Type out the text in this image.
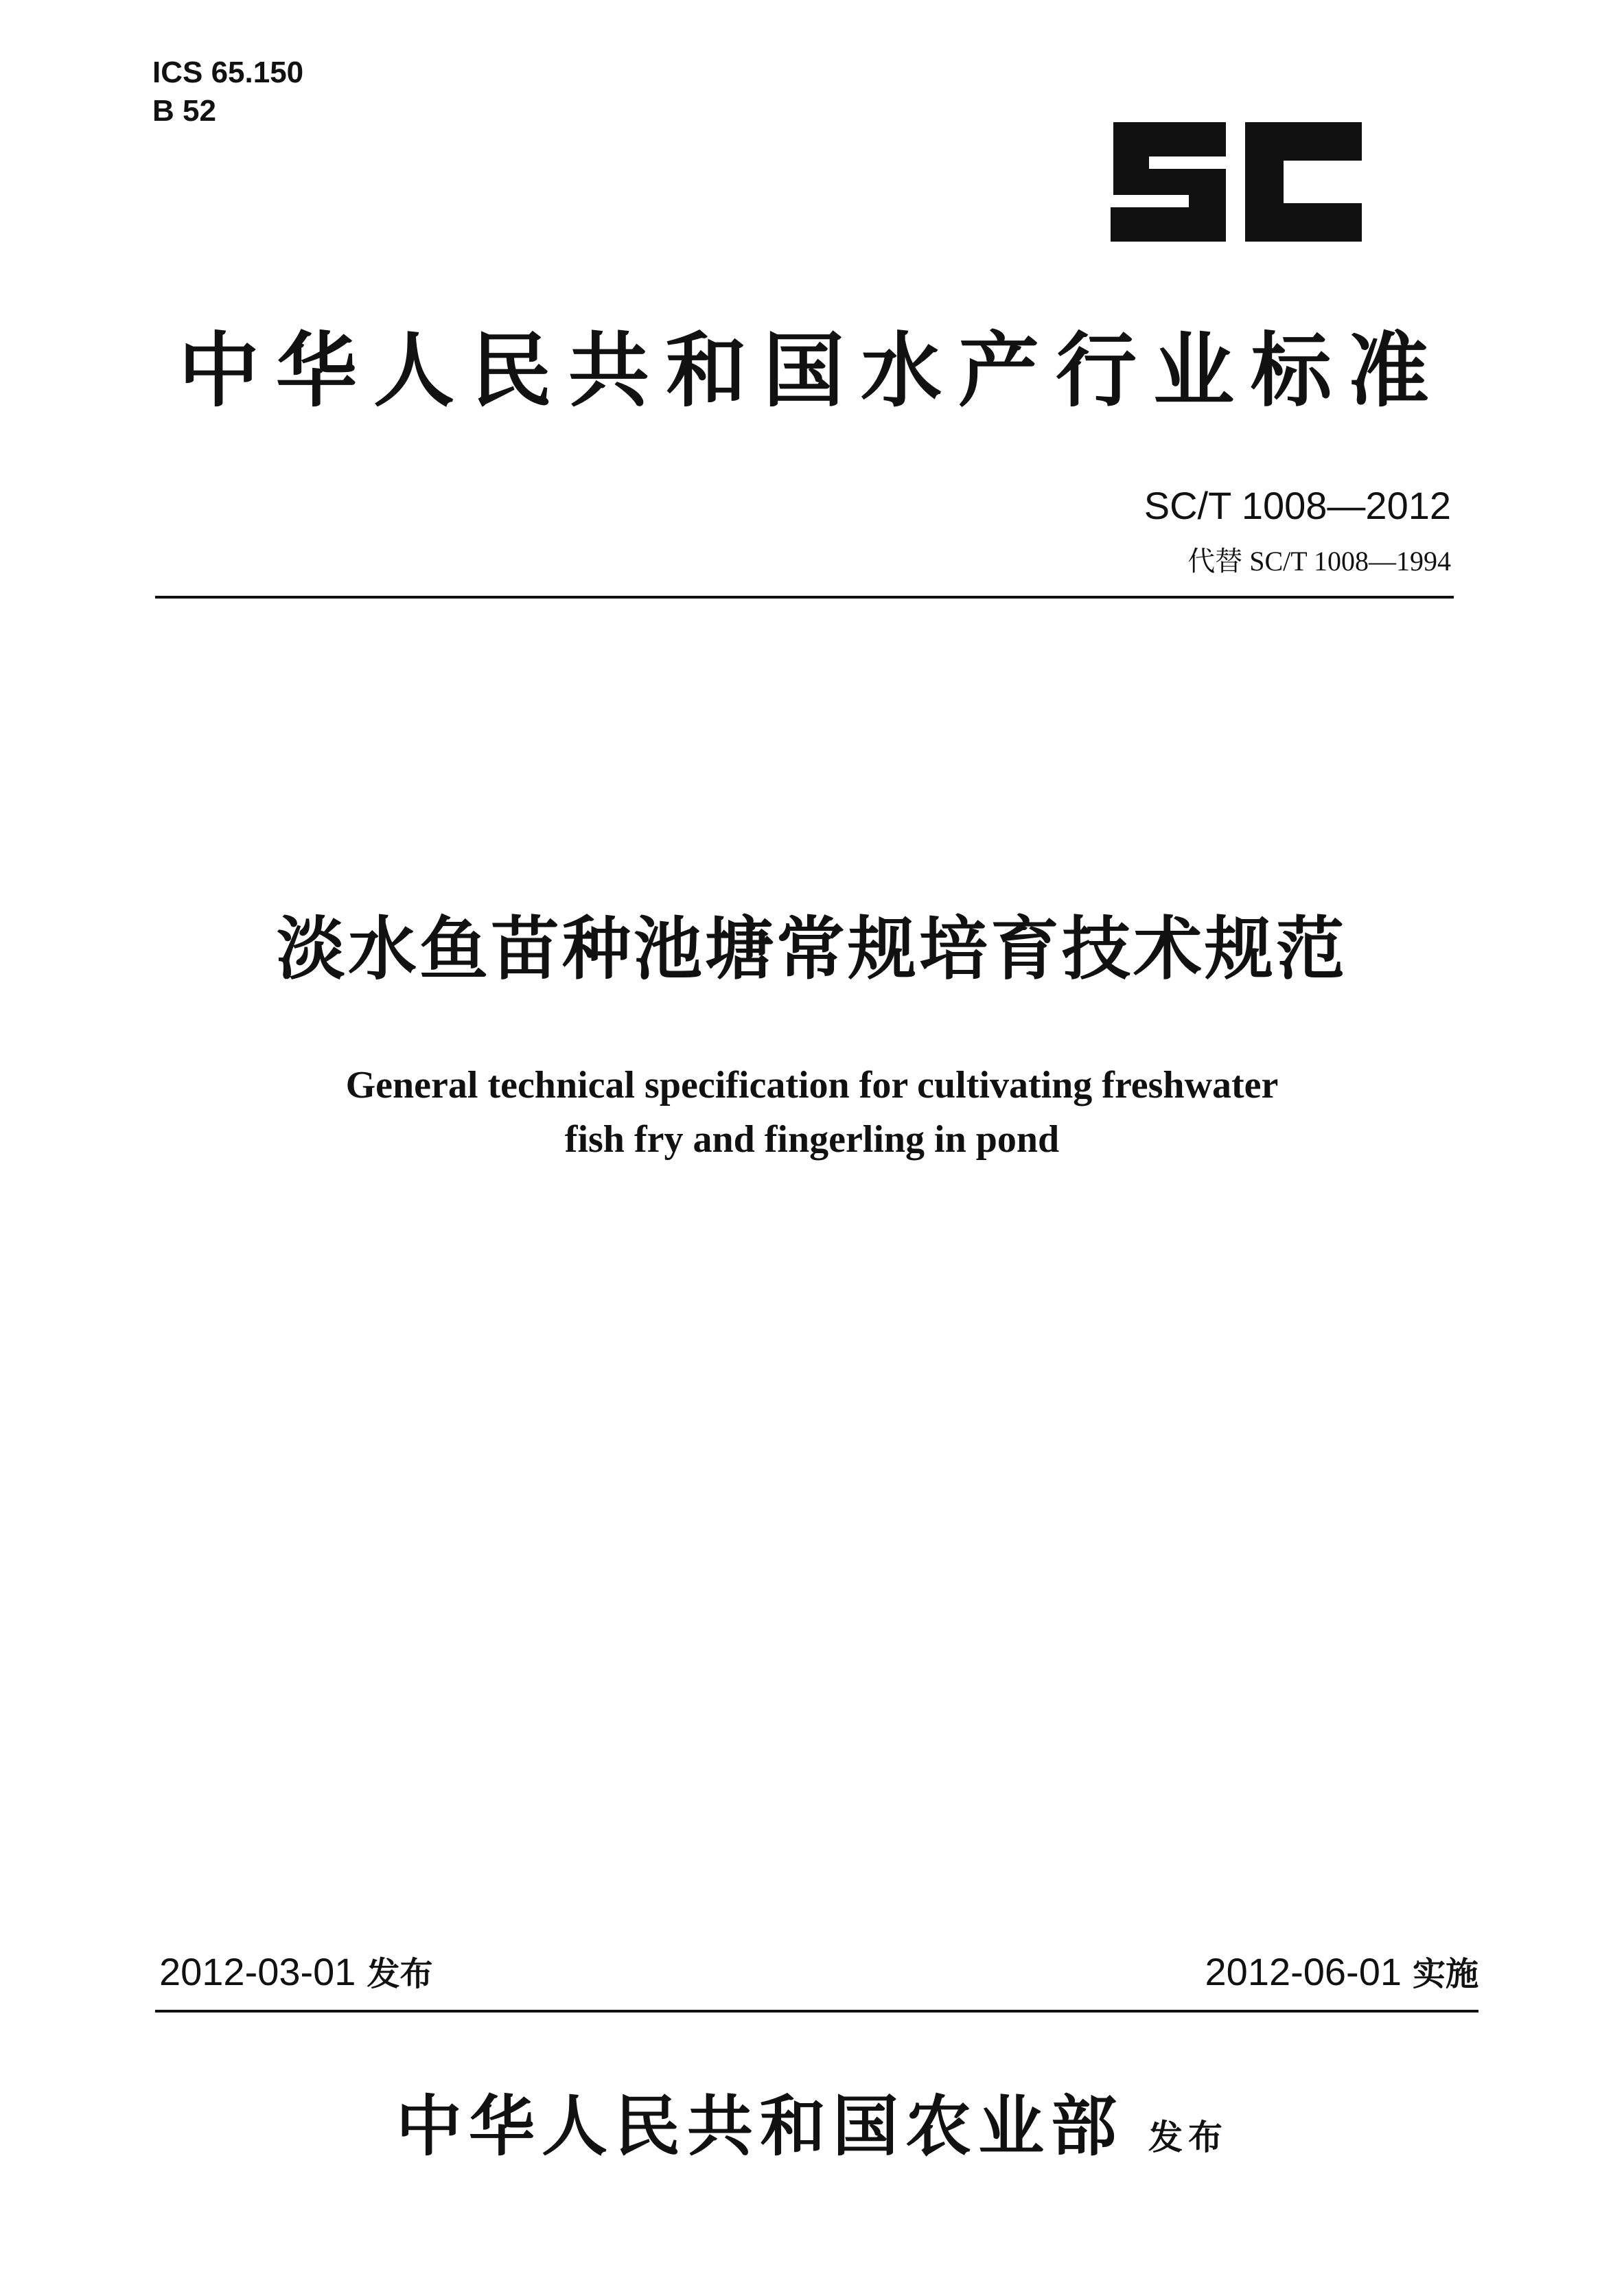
ICS 65.150
B 52
中华人民共和国水产行业标准
SC/T 1008—2012
代替 SC/T 1008—1994
淡水鱼苗种池塘常规培育技术规范
General technical specification for cultivating freshwater
fish fry and fingerling in pond
2012-03-01 发布	2012-06-01 实施
中华人民共和国农业部 发布
